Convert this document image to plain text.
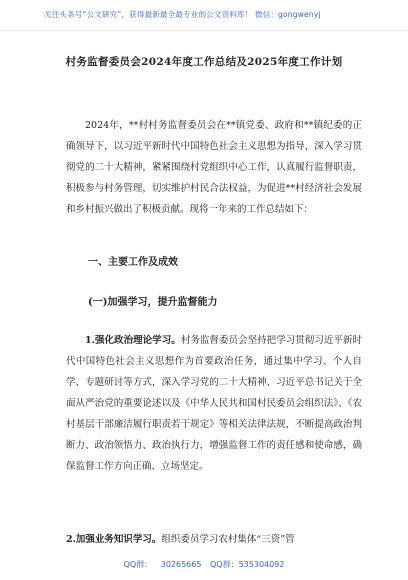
关注头条号“公文研究”，获得最新最全最专业的公文资料库！ 微信：gongwenyj
村务监督委员会2024年度工作总结及2025年度工作计划
2024年，**村村务监督委员会在**镇党委、政府和**镇纪委的正确领导下，以习近平新时代中国特色社会主义思想为指导，深入学习贯彻党的二十大精神，紧紧围绕村党组织中心工作，认真履行监督职责，积极参与村务管理，切实维护村民合法权益，为促进**村经济社会发展和乡村振兴做出了积极贡献。现将一年来的工作总结如下：
一、主要工作及成效
(一)加强学习，提升监督能力
1.强化政治理论学习。村务监督委员会坚持把学习贯彻习近平新时代中国特色社会主义思想作为首要政治任务，通过集中学习、个人自学、专题研讨等方式，深入学习党的二十大精神、习近平总书记关于全面从严治党的重要论述以及《中华人民共和国村民委员会组织法》、《农村基层干部廉洁履行职责若干规定》等相关法律法规，不断提高政治判断力、政治领悟力、政治执行力，增强监督工作的责任感和使命感，确保监督工作方向正确、立场坚定。
2.加强业务知识学习。组织委员学习农村集体“三资”管
QQ群： 30265665 QQ群：535304092
